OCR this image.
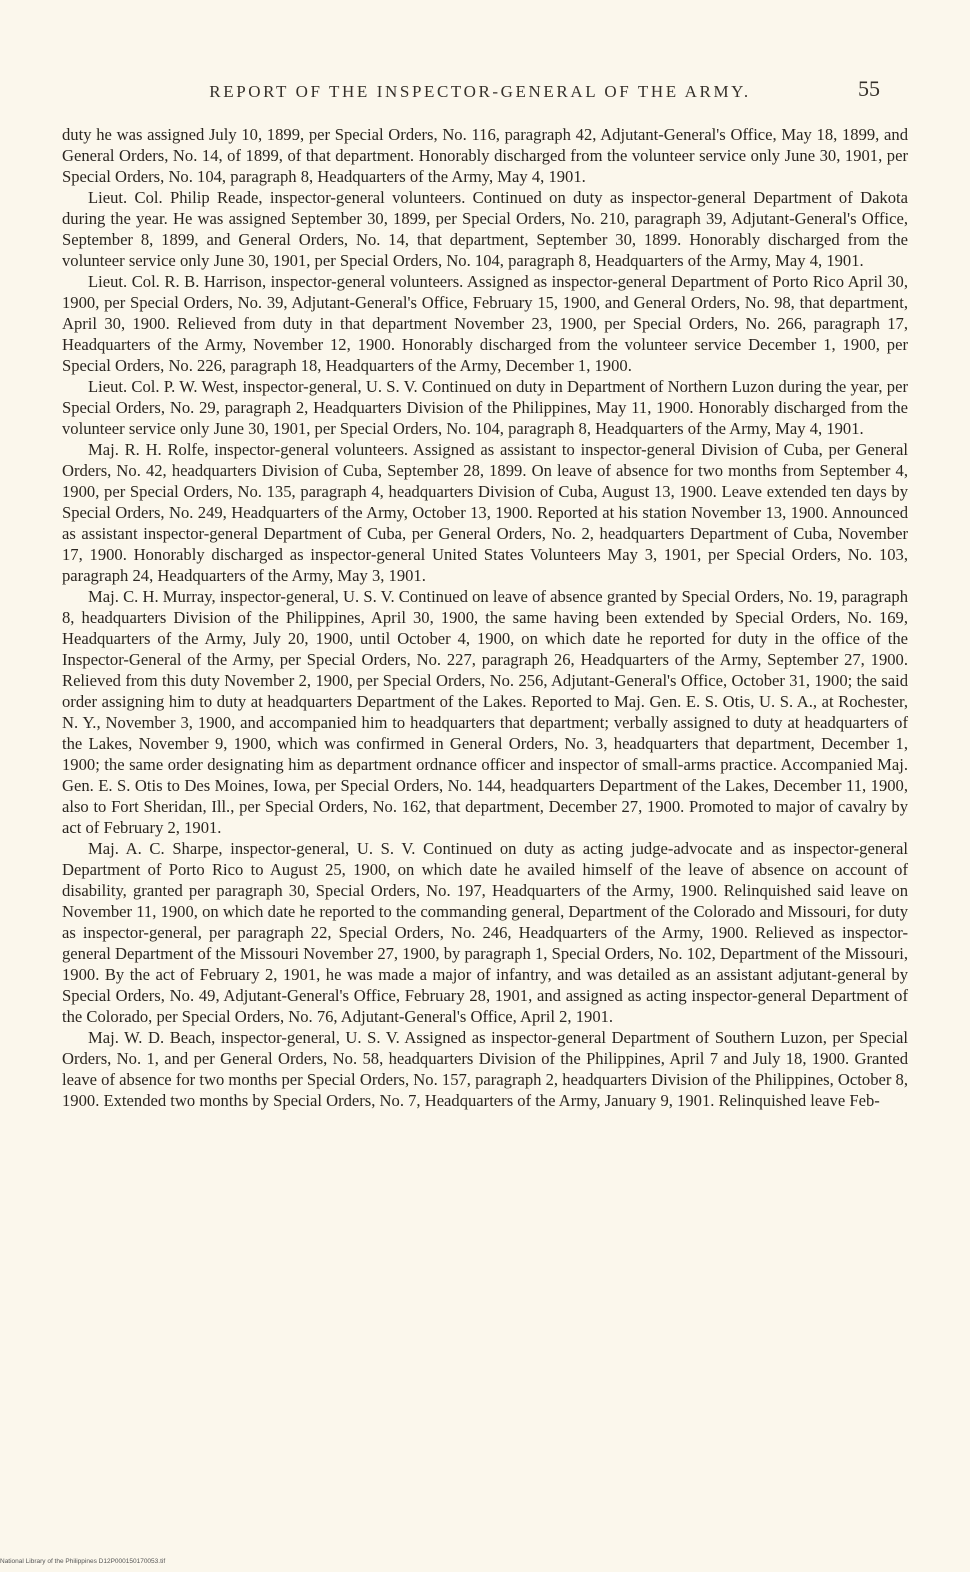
REPORT OF THE INSPECTOR-GENERAL OF THE ARMY.	55

duty he was assigned July 10, 1899, per Special Orders, No. 116, paragraph 42, Adjutant-General's Office, May 18, 1899, and General Orders, No. 14, of 1899, of that department. Honorably discharged from the volunteer service only June 30, 1901, per Special Orders, No. 104, paragraph 8, Headquarters of the Army, May 4, 1901.

Lieut. Col. Philip Reade, inspector-general volunteers. Continued on duty as inspector-general Department of Dakota during the year. He was assigned September 30, 1899, per Special Orders, No. 210, paragraph 39, Adjutant-General's Office, September 8, 1899, and General Orders, No. 14, that department, September 30, 1899. Honorably discharged from the volunteer service only June 30, 1901, per Special Orders, No. 104, paragraph 8, Headquarters of the Army, May 4, 1901.

Lieut. Col. R. B. Harrison, inspector-general volunteers. Assigned as inspector-general Department of Porto Rico April 30, 1900, per Special Orders, No. 39, Adjutant-General's Office, February 15, 1900, and General Orders, No. 98, that department, April 30, 1900. Relieved from duty in that department November 23, 1900, per Special Orders, No. 266, paragraph 17, Headquarters of the Army, November 12, 1900. Honorably discharged from the volunteer service December 1, 1900, per Special Orders, No. 226, paragraph 18, Headquarters of the Army, December 1, 1900.

Lieut. Col. P. W. West, inspector-general, U. S. V. Continued on duty in Department of Northern Luzon during the year, per Special Orders, No. 29, paragraph 2, Headquarters Division of the Philippines, May 11, 1900. Honorably discharged from the volunteer service only June 30, 1901, per Special Orders, No. 104, paragraph 8, Headquarters of the Army, May 4, 1901.

Maj. R. H. Rolfe, inspector-general volunteers. Assigned as assistant to inspector-general Division of Cuba, per General Orders, No. 42, headquarters Division of Cuba, September 28, 1899. On leave of absence for two months from September 4, 1900, per Special Orders, No. 135, paragraph 4, headquarters Division of Cuba, August 13, 1900. Leave extended ten days by Special Orders, No. 249, Headquarters of the Army, October 13, 1900. Reported at his station November 13, 1900. Announced as assistant inspector-general Department of Cuba, per General Orders, No. 2, headquarters Department of Cuba, November 17, 1900. Honorably discharged as inspector-general United States Volunteers May 3, 1901, per Special Orders, No. 103, paragraph 24, Headquarters of the Army, May 3, 1901.

Maj. C. H. Murray, inspector-general, U. S. V. Continued on leave of absence granted by Special Orders, No. 19, paragraph 8, headquarters Division of the Philippines, April 30, 1900, the same having been extended by Special Orders, No. 169, Headquarters of the Army, July 20, 1900, until October 4, 1900, on which date he reported for duty in the office of the Inspector-General of the Army, per Special Orders, No. 227, paragraph 26, Headquarters of the Army, September 27, 1900. Relieved from this duty November 2, 1900, per Special Orders, No. 256, Adjutant-General's Office, October 31, 1900; the said order assigning him to duty at headquarters Department of the Lakes. Reported to Maj. Gen. E. S. Otis, U. S. A., at Rochester, N. Y., November 3, 1900, and accompanied him to headquarters that department; verbally assigned to duty at headquarters of the Lakes, November 9, 1900, which was confirmed in General Orders, No. 3, headquarters that department, December 1, 1900; the same order designating him as department ordnance officer and inspector of small-arms practice. Accompanied Maj. Gen. E. S. Otis to Des Moines, Iowa, per Special Orders, No. 144, headquarters Department of the Lakes, December 11, 1900, also to Fort Sheridan, Ill., per Special Orders, No. 162, that department, December 27, 1900. Promoted to major of cavalry by act of February 2, 1901.

Maj. A. C. Sharpe, inspector-general, U. S. V. Continued on duty as acting judge-advocate and as inspector-general Department of Porto Rico to August 25, 1900, on which date he availed himself of the leave of absence on account of disability, granted per paragraph 30, Special Orders, No. 197, Headquarters of the Army, 1900. Relinquished said leave on November 11, 1900, on which date he reported to the commanding general, Department of the Colorado and Missouri, for duty as inspector-general, per paragraph 22, Special Orders, No. 246, Headquarters of the Army, 1900. Relieved as inspector-general Department of the Missouri November 27, 1900, by paragraph 1, Special Orders, No. 102, Department of the Missouri, 1900. By the act of February 2, 1901, he was made a major of infantry, and was detailed as an assistant adjutant-general by Special Orders, No. 49, Adjutant-General's Office, February 28, 1901, and assigned as acting inspector-general Department of the Colorado, per Special Orders, No. 76, Adjutant-General's Office, April 2, 1901.

Maj. W. D. Beach, inspector-general, U. S. V. Assigned as inspector-general Department of Southern Luzon, per Special Orders, No. 1, and per General Orders, No. 58, headquarters Division of the Philippines, April 7 and July 18, 1900. Granted leave of absence for two months per Special Orders, No. 157, paragraph 2, headquarters Division of the Philippines, October 8, 1900. Extended two months by Special Orders, No. 7, Headquarters of the Army, January 9, 1901. Relinquished leave Feb-

National Library of the Philippines D12P000150170053.tif
